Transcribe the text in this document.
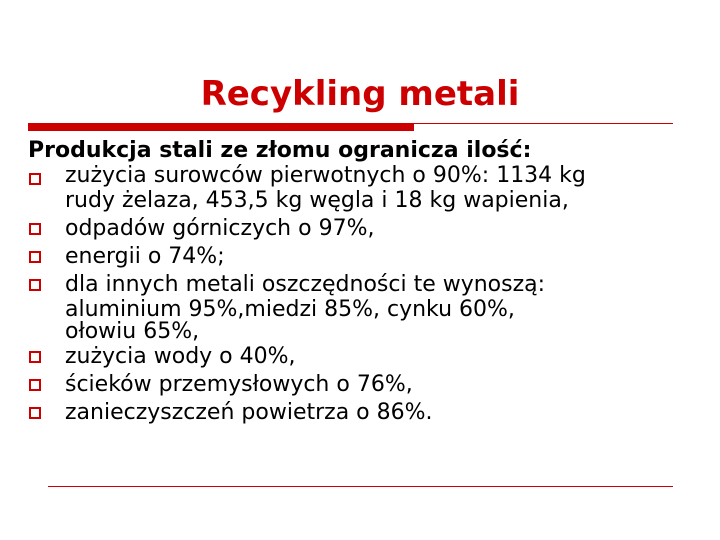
Recykling metali

Produkcja stali ze złomu ogranicza ilość:

zużycia surowców pierwotnych o 90%: 1134 kg
rudy żelaza, 453,5 kg węgla i 18 kg wapienia,
odpadów górniczych o 97%,
energii o 74%;
dla innych metali oszczędności te wynoszą:
aluminium 95%,miedzi 85%, cynku 60%,
ołowiu 65%,
zużycia wody o 40%,
ścieków przemysłowych o 76%,
zanieczyszczeń powietrza o 86%.
